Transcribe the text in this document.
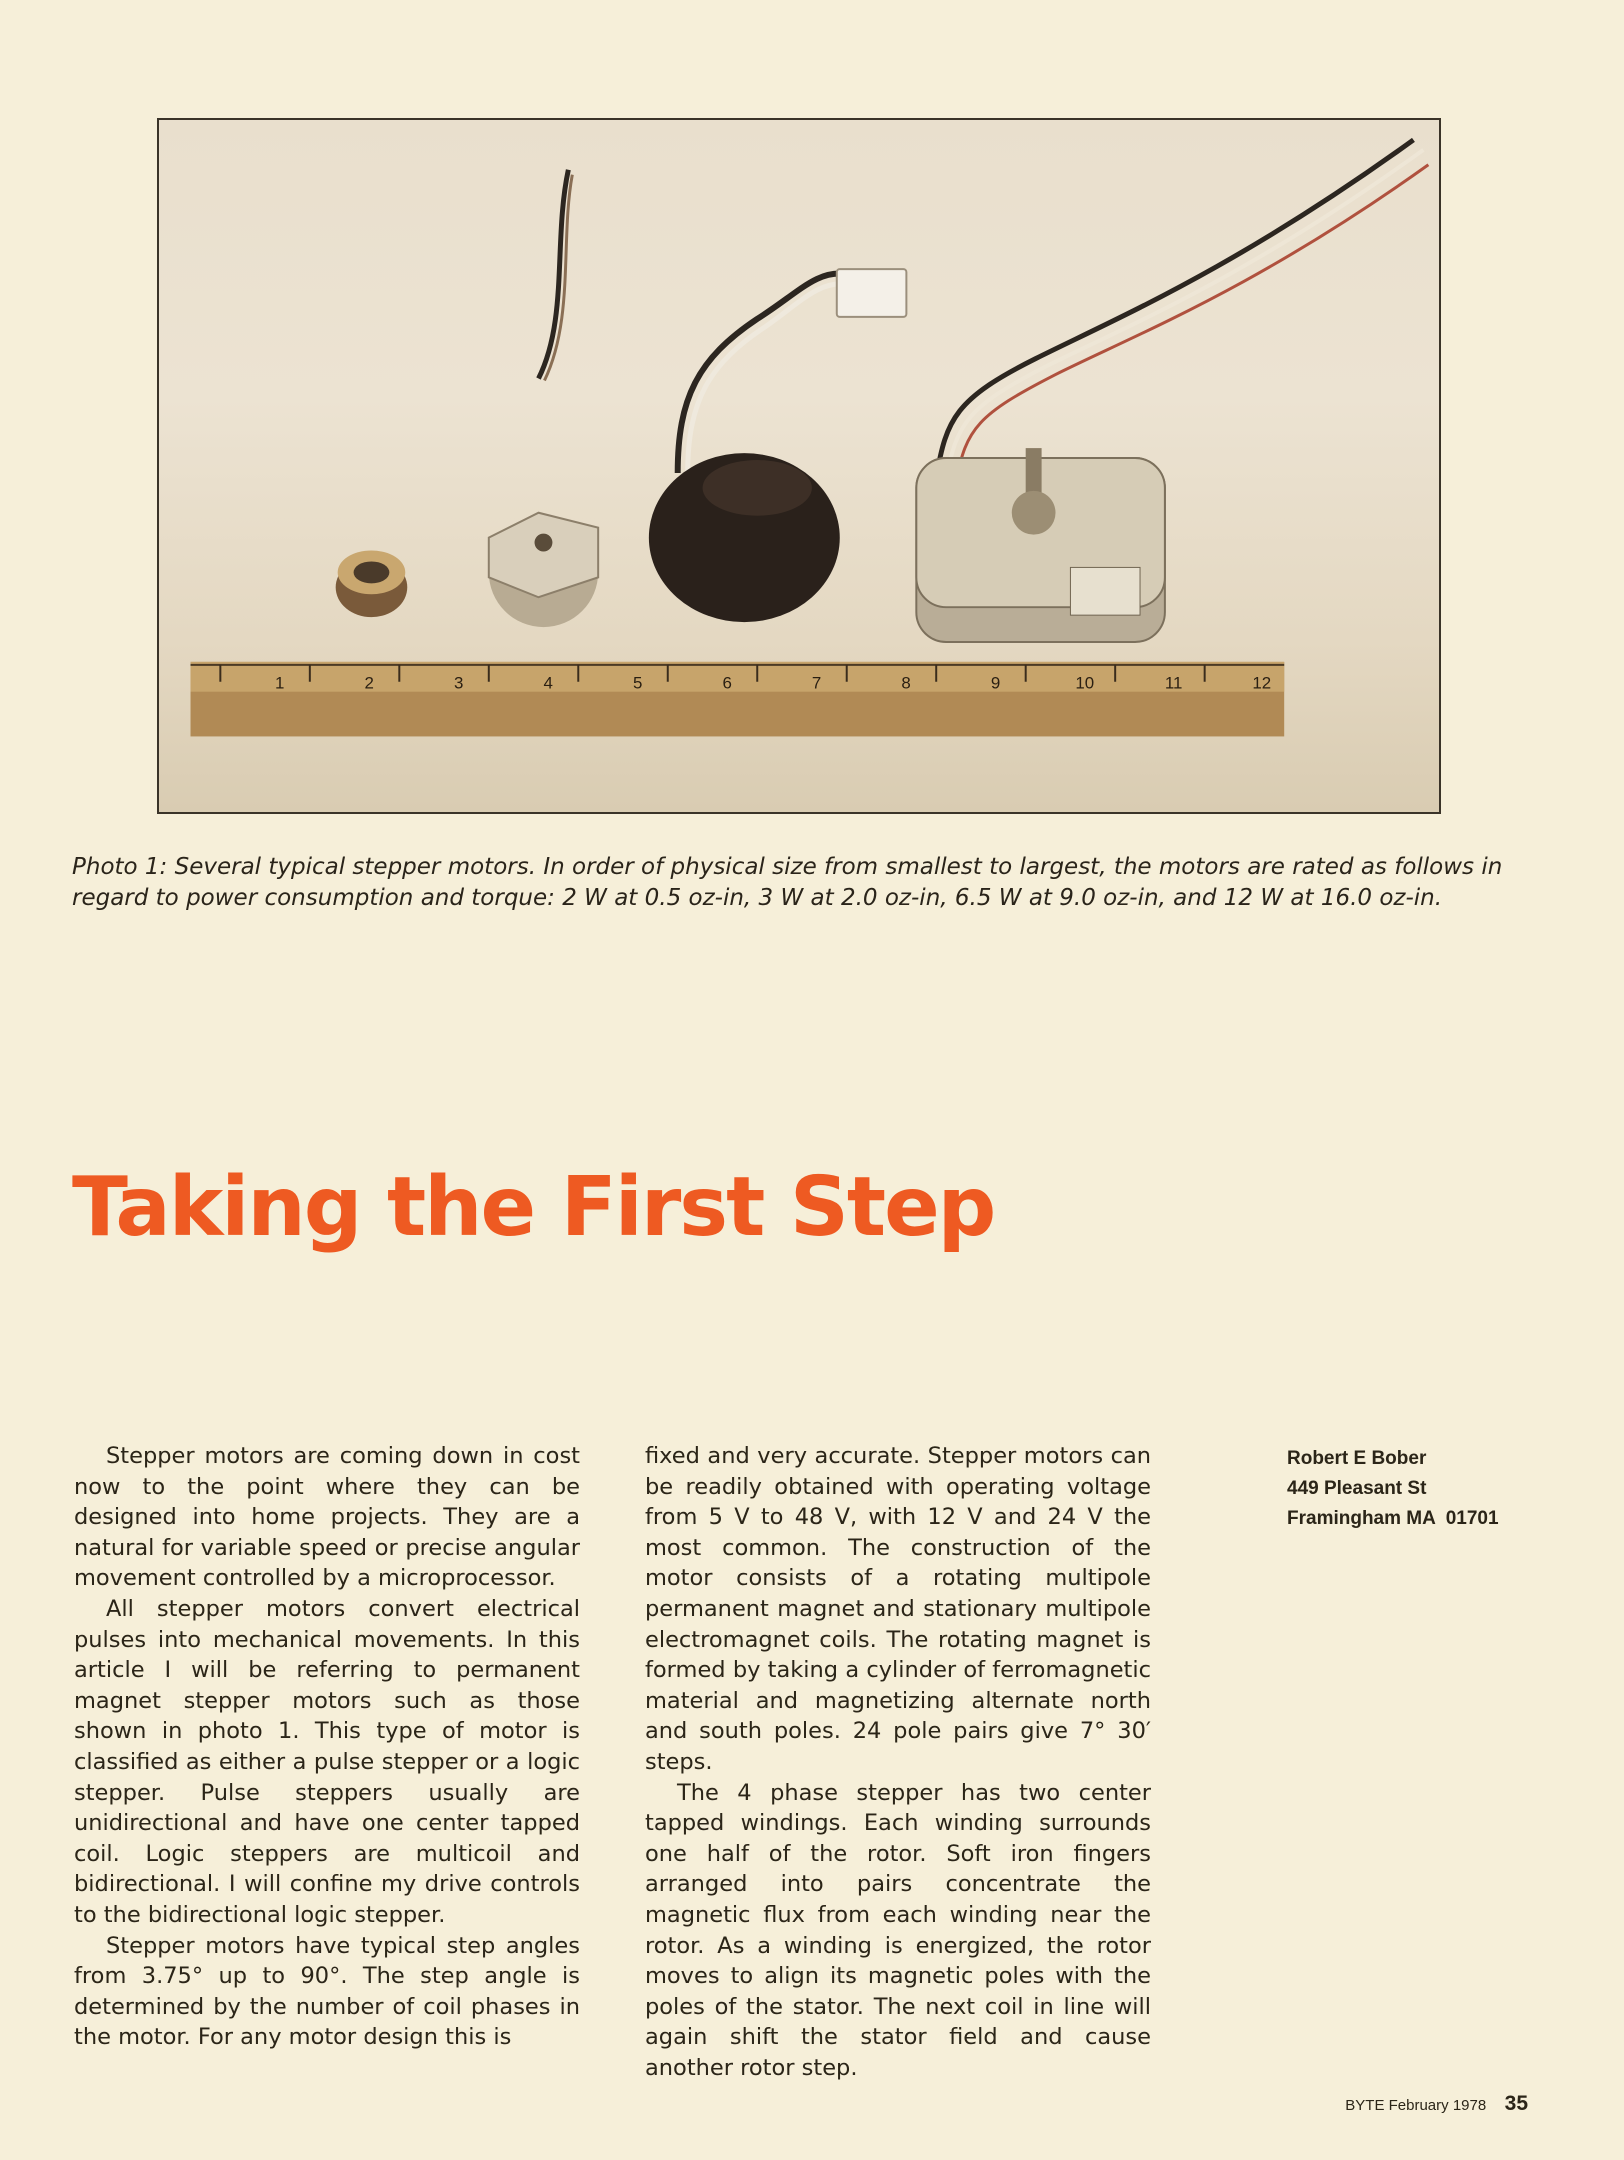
1	2	3	4	5	6	7	8	9	10	11	12
Photo 1: Several typical stepper motors. In order of physical size from smallest to largest, the motors are rated as follows in regard to power consumption and torque: 2 W at 0.5 oz-in, 3 W at 2.0 oz-in, 6.5 W at 9.0 oz-in, and 12 W at 16.0 oz-in.
Taking the First Step

Stepper motors are coming down in cost now to the point where they can be designed into home projects. They are a natural for variable speed or precise angular movement controlled by a microprocessor.

All stepper motors convert electrical pulses into mechanical movements. In this article I will be referring to permanent magnet stepper motors such as those shown in photo 1. This type of motor is classified as either a pulse stepper or a logic stepper. Pulse steppers usually are unidirectional and have one center tapped coil. Logic steppers are multicoil and bidirectional. I will confine my drive controls to the bidirectional logic stepper.

Stepper motors have typical step angles from 3.75° up to 90°. The step angle is determined by the number of coil phases in the motor. For any motor design this is

fixed and very accurate. Stepper motors can be readily obtained with operating voltage from 5 V to 48 V, with 12 V and 24 V the most common. The construction of the motor consists of a rotating multipole permanent magnet and stationary multipole electromagnet coils. The rotating magnet is formed by taking a cylinder of ferromagnetic material and magnetizing alternate north and south poles. 24 pole pairs give 7° 30′ steps.

The 4 phase stepper has two center tapped windings. Each winding surrounds one half of the rotor. Soft iron fingers arranged into pairs concentrate the magnetic flux from each winding near the rotor. As a winding is energized, the rotor moves to align its magnetic poles with the poles of the stator. The next coil in line will again shift the stator field and cause another rotor step.

Robert E Bober
449 Pleasant St
Framingham MA  01701
BYTE February 1978 35
